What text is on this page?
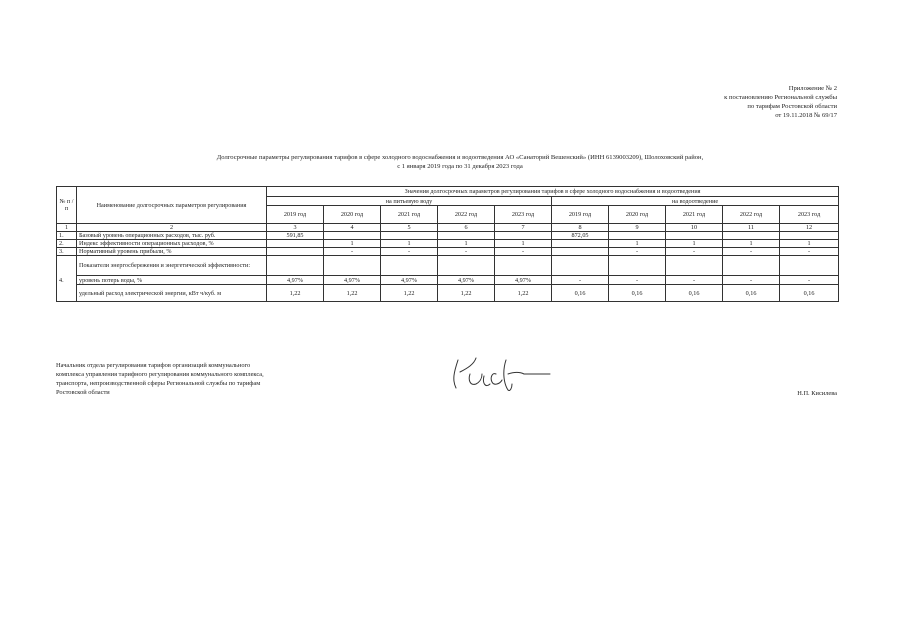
Приложение № 2
к постановлению Региональной службы
по тарифам Ростовской области
от 19.11.2018 № 69/17
Долгосрочные параметры регулирования тарифов в сфере холодного водоснабжения и водоотведения АО «Санаторий Вешенский» (ИНН 6139003209), Шолоховский район,
с 1 января 2019 года по 31 декабря 2023 года
№ п /п	Наименование долгосрочных параметров регулирования	Значения долгосрочных параметров регулирования тарифов в сфере холодного водоснабжения и водоотведения									
		на питьевую воду					на водоотведение				
		2019 год	2020 год	2021 год	2022 год	2023 год	2019 год	2020 год	2021 год	2022 год	2023 год
1	2	3	4	5	6	7	8	9	10	11	12
1.	Базовый уровень операционных расходов, тыс. руб.	591,85					872,05				
2.	Индекс эффективности операционных расходов, %		1	1	1	1		1	1	1	1
3.	Нормативный уровень прибыли, %		-	-	-	-		-	-	-	-
	Показатели энергосбережения и энергетической эффективности:										
4.	уровень потерь воды, %	4,97%	4,97%	4,97%	4,97%	4,97%	-	-	-	-	-
	удельный расход электрической энергии, кВт ч/куб. м	1,22	1,22	1,22	1,22	1,22	0,16	0,16	0,16	0,16	0,16
Начальник отдела регулирования тарифов организаций коммунального
комплекса управления тарифного регулирования коммунального комплекса,
транспорта, непроизводственной сферы Региональной службы по тарифам
Ростовской области	Н.П. Кисилева
